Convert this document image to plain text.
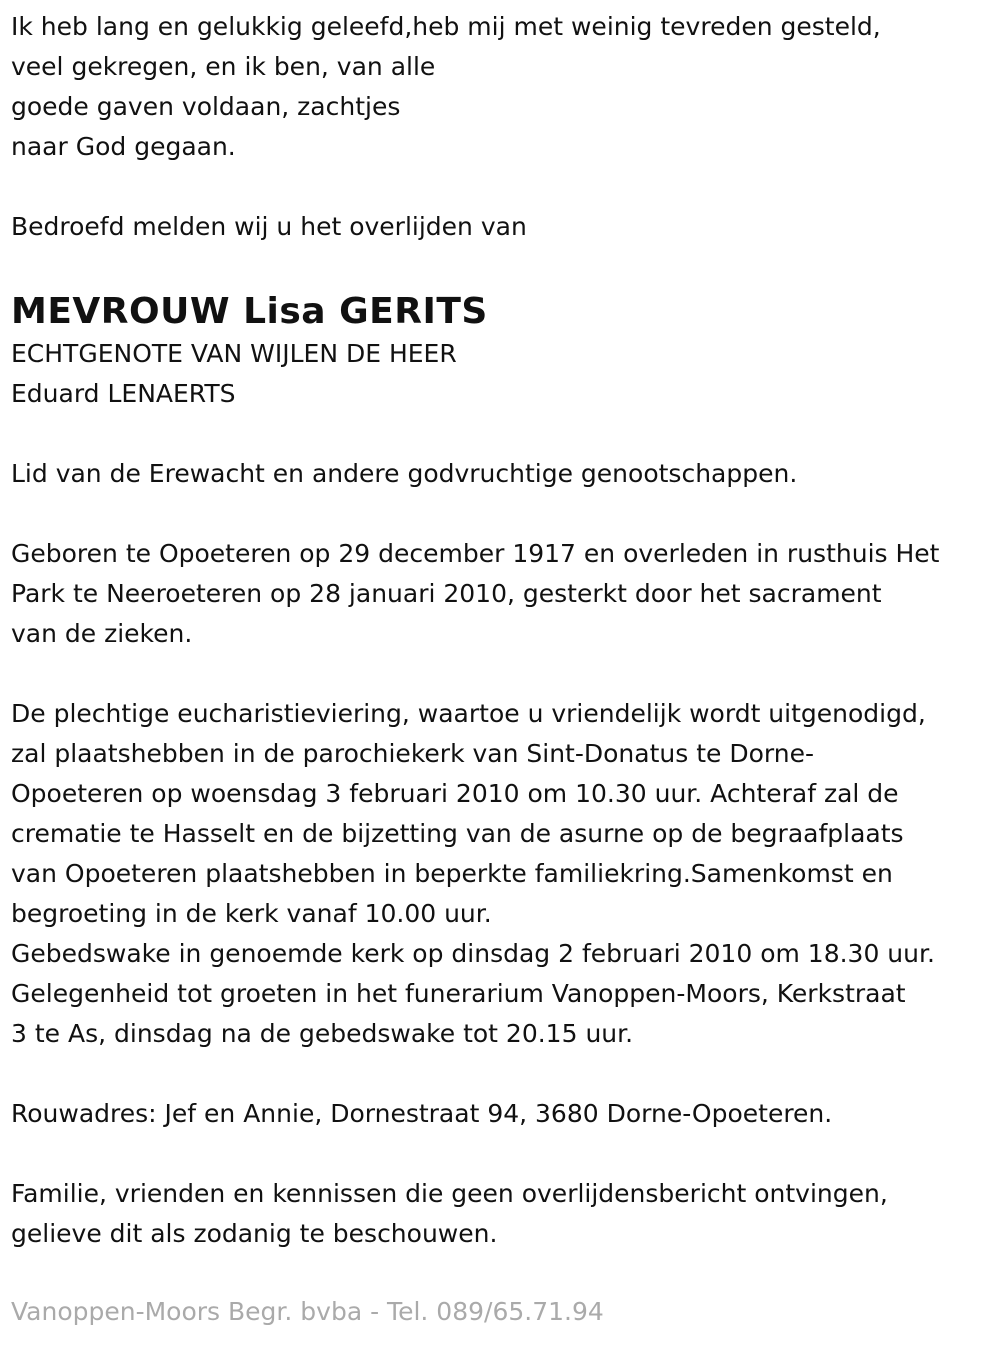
Ik heb lang en gelukkig geleefd,heb mij met weinig tevreden gesteld,
veel gekregen, en ik ben, van alle
goede gaven voldaan, zachtjes
naar God gegaan.
Bedroefd melden wij u het overlijden van
MEVROUW Lisa GERITS
ECHTGENOTE VAN WIJLEN DE HEER
Eduard LENAERTS
Lid van de Erewacht en andere godvruchtige genootschappen.
Geboren te Opoeteren op 29 december 1917 en overleden in rusthuis Het
Park te Neeroeteren op 28 januari 2010, gesterkt door het sacrament
van de zieken.
De plechtige eucharistieviering, waartoe u vriendelijk wordt uitgenodigd,
zal plaatshebben in de parochiekerk van Sint-Donatus te Dorne-
Opoeteren op woensdag 3 februari 2010 om 10.30 uur. Achteraf zal de
crematie te Hasselt en de bijzetting van de asurne op de begraafplaats
van Opoeteren plaatshebben in beperkte familiekring.Samenkomst en
begroeting in de kerk vanaf 10.00 uur.
Gebedswake in genoemde kerk op dinsdag 2 februari 2010 om 18.30 uur.
Gelegenheid tot groeten in het funerarium Vanoppen-Moors, Kerkstraat
3 te As, dinsdag na de gebedswake tot 20.15 uur.
Rouwadres: Jef en Annie, Dornestraat 94, 3680 Dorne-Opoeteren.
Familie, vrienden en kennissen die geen overlijdensbericht ontvingen,
gelieve dit als zodanig te beschouwen.
Vanoppen-Moors Begr. bvba - Tel. 089/65.71.94
